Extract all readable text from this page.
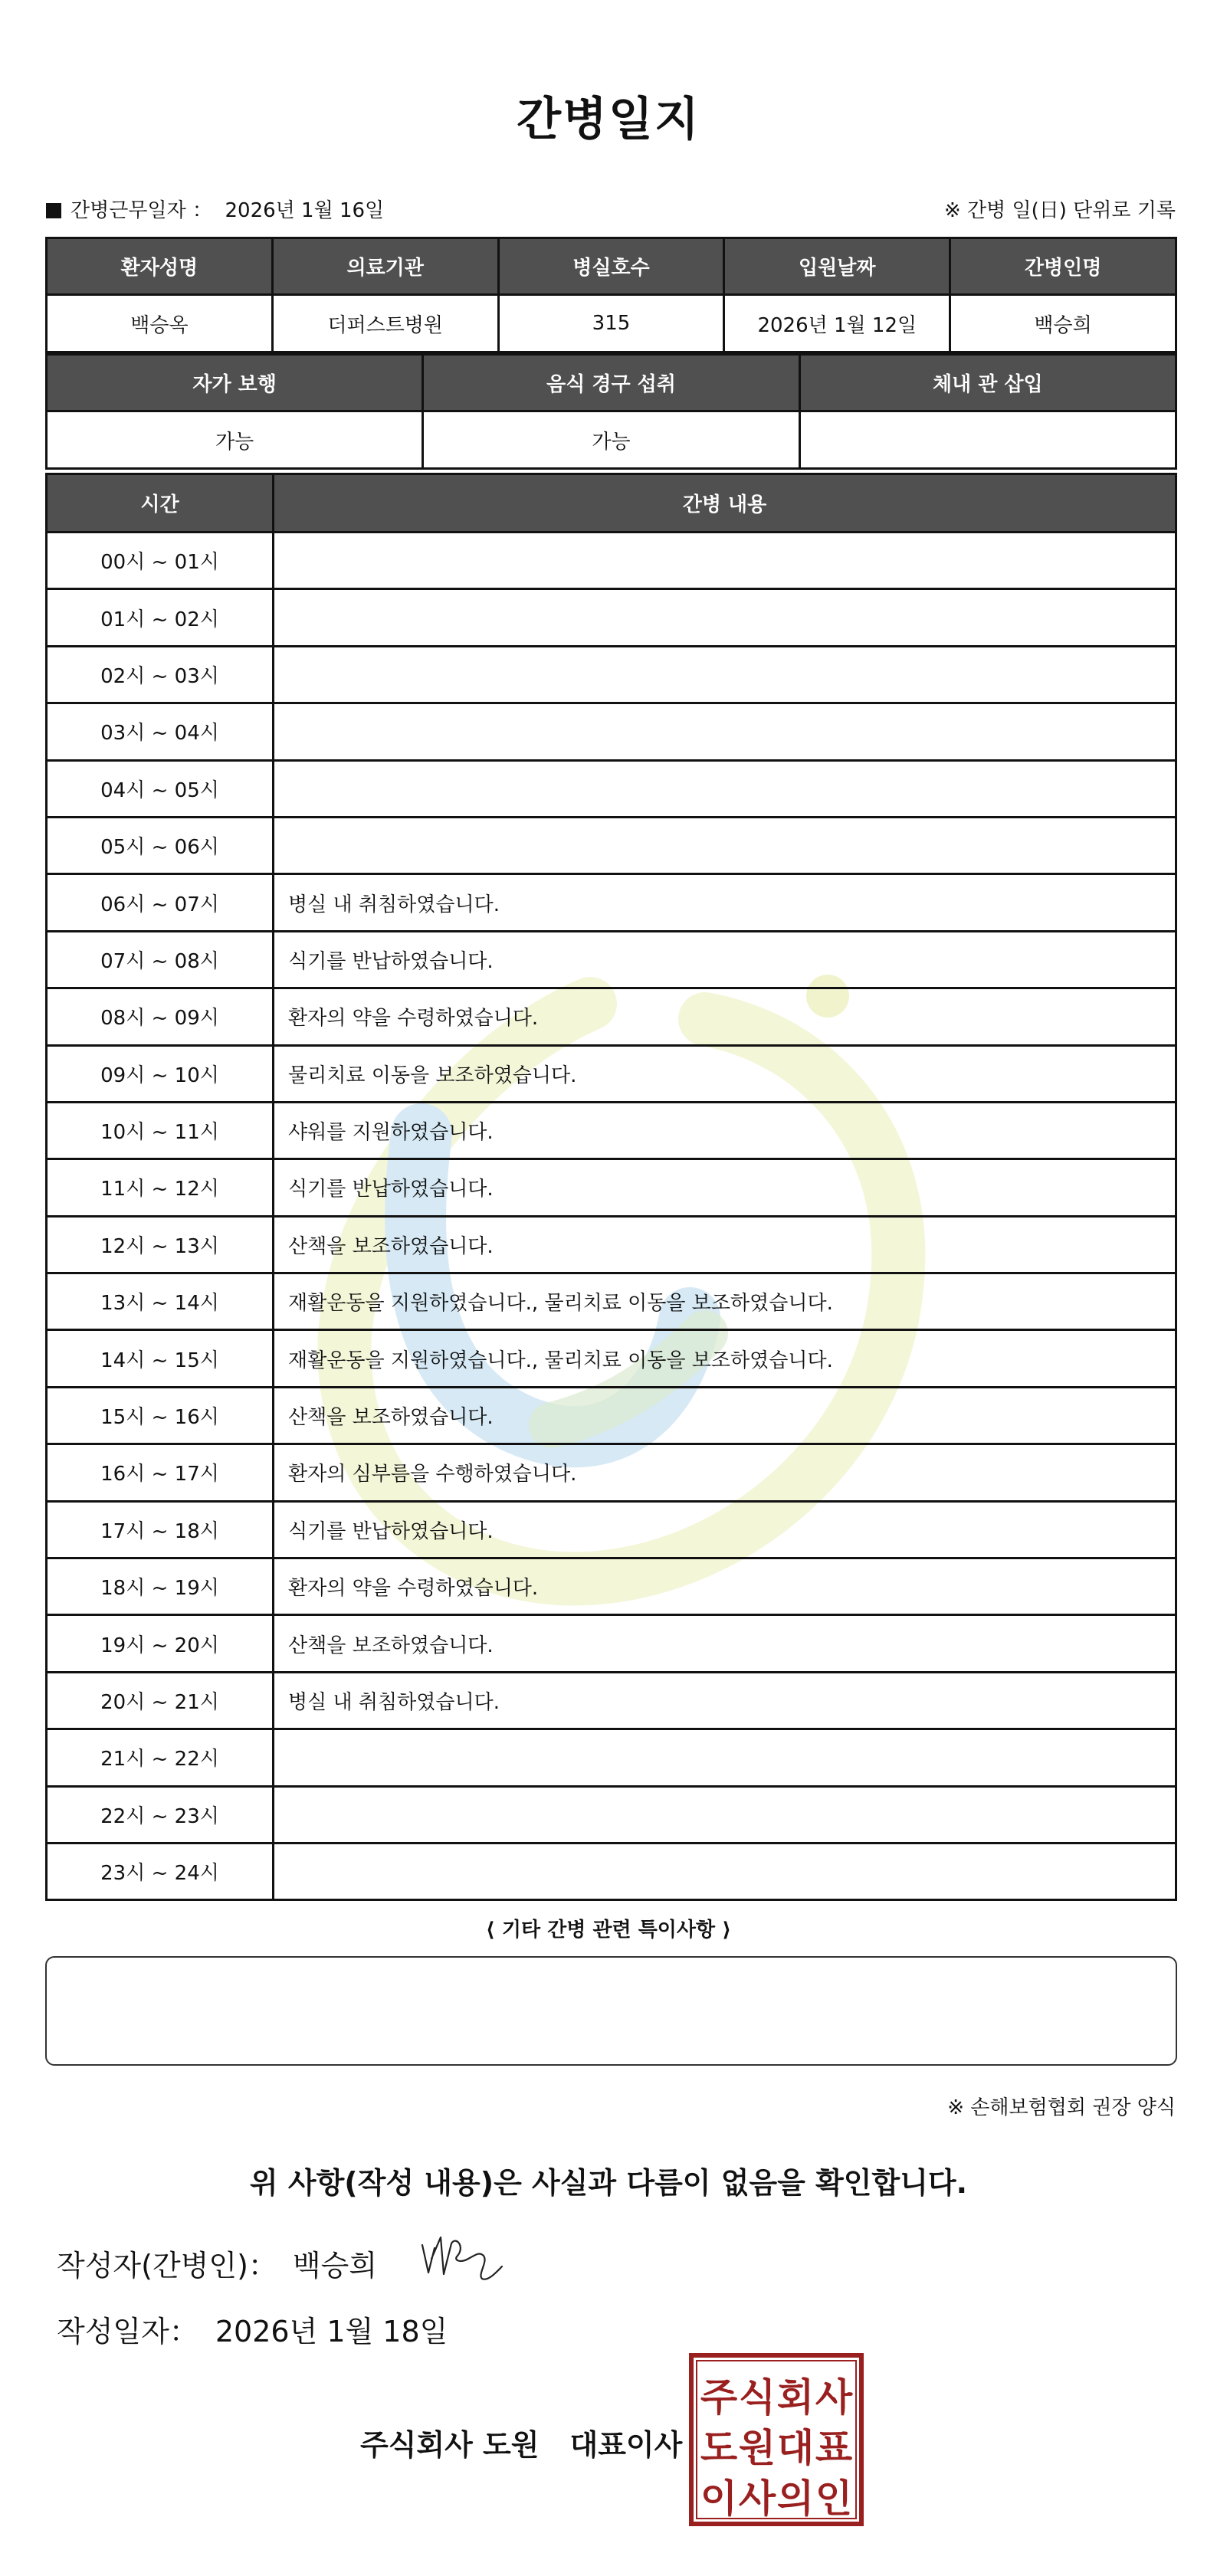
간병일지
간병근무일자 ： 2026년 1월 16일	※ 간병 일(日) 단위로 기록
환자성명	의료기관	병실호수	입원날짜	간병인명
백승옥	더퍼스트병원	315	2026년 1월 12일	백승희
자가 보행	음식 경구 섭취	체내 관 삽입
가능	가능	
시간	간병 내용
00시 ~ 01시	
01시 ~ 02시	
02시 ~ 03시	
03시 ~ 04시	
04시 ~ 05시	
05시 ~ 06시	
06시 ~ 07시	병실 내 취침하였습니다.
07시 ~ 08시	식기를 반납하였습니다.
08시 ~ 09시	환자의 약을 수령하였습니다.
09시 ~ 10시	물리치료 이동을 보조하였습니다.
10시 ~ 11시	샤워를 지원하였습니다.
11시 ~ 12시	식기를 반납하였습니다.
12시 ~ 13시	산책을 보조하였습니다.
13시 ~ 14시	재활운동을 지원하였습니다., 물리치료 이동을 보조하였습니다.
14시 ~ 15시	재활운동을 지원하였습니다., 물리치료 이동을 보조하였습니다.
15시 ~ 16시	산책을 보조하였습니다.
16시 ~ 17시	환자의 심부름을 수행하였습니다.
17시 ~ 18시	식기를 반납하였습니다.
18시 ~ 19시	환자의 약을 수령하였습니다.
19시 ~ 20시	산책을 보조하였습니다.
20시 ~ 21시	병실 내 취침하였습니다.
21시 ~ 22시	
22시 ~ 23시	
23시 ~ 24시	
⟨ 기타 간병 관련 특이사항 ⟩
※ 손해보험협회 권장 양식
위 사항(작성 내용)은 사실과 다름이 없음을 확인합니다.
작성자(간병인)： 백승희
작성일자： 2026년 1월 18일
주식회사 도원 대표이사
주 식 회 사
도 원 대 표
이 사 의 인
